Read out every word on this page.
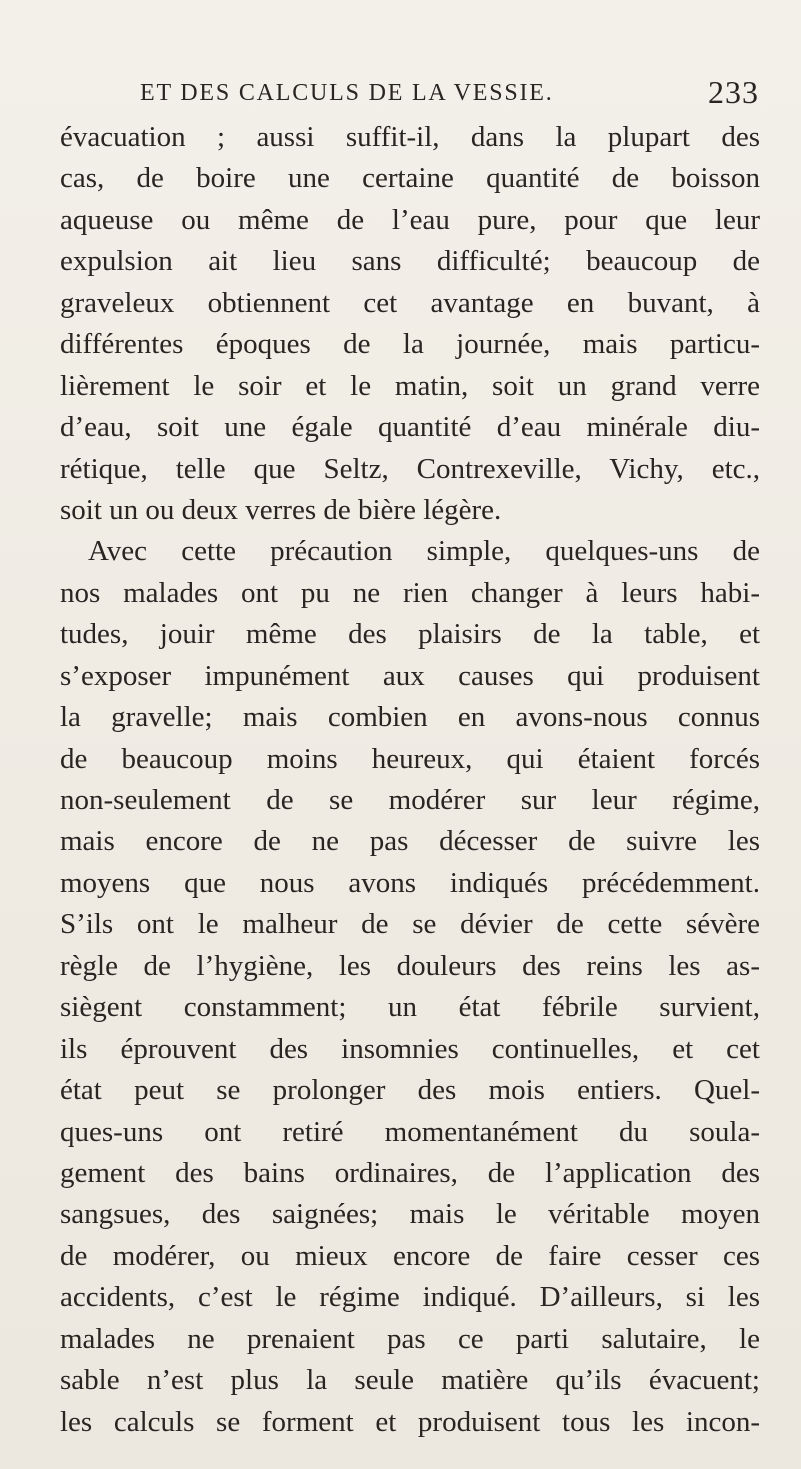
ET DES CALCULS DE LA VESSIE.	233
évacuation ; aussi suffit-il, dans la plupart des
cas, de boire une certaine quantité de boisson
aqueuse ou même de l’eau pure, pour que leur
expulsion ait lieu sans difficulté; beaucoup de
graveleux obtiennent cet avantage en buvant, à
différentes époques de la journée, mais particu-
lièrement le soir et le matin, soit un grand verre
d’eau, soit une égale quantité d’eau minérale diu-
rétique, telle que Seltz, Contrexeville, Vichy, etc.,
soit un ou deux verres de bière légère.
Avec cette précaution simple, quelques-uns de
nos malades ont pu ne rien changer à leurs habi-
tudes, jouir même des plaisirs de la table, et
s’exposer impunément aux causes qui produisent
la gravelle; mais combien en avons-nous connus
de beaucoup moins heureux, qui étaient forcés
non-seulement de se modérer sur leur régime,
mais encore de ne pas décesser de suivre les
moyens que nous avons indiqués précédemment.
S’ils ont le malheur de se dévier de cette sévère
règle de l’hygiène, les douleurs des reins les as-
siègent constamment; un état fébrile survient,
ils éprouvent des insomnies continuelles, et cet
état peut se prolonger des mois entiers. Quel-
ques-uns ont retiré momentanément du soula-
gement des bains ordinaires, de l’application des
sangsues, des saignées; mais le véritable moyen
de modérer, ou mieux encore de faire cesser ces
accidents, c’est le régime indiqué. D’ailleurs, si les
malades ne prenaient pas ce parti salutaire, le
sable n’est plus la seule matière qu’ils évacuent;
les calculs se forment et produisent tous les incon-
